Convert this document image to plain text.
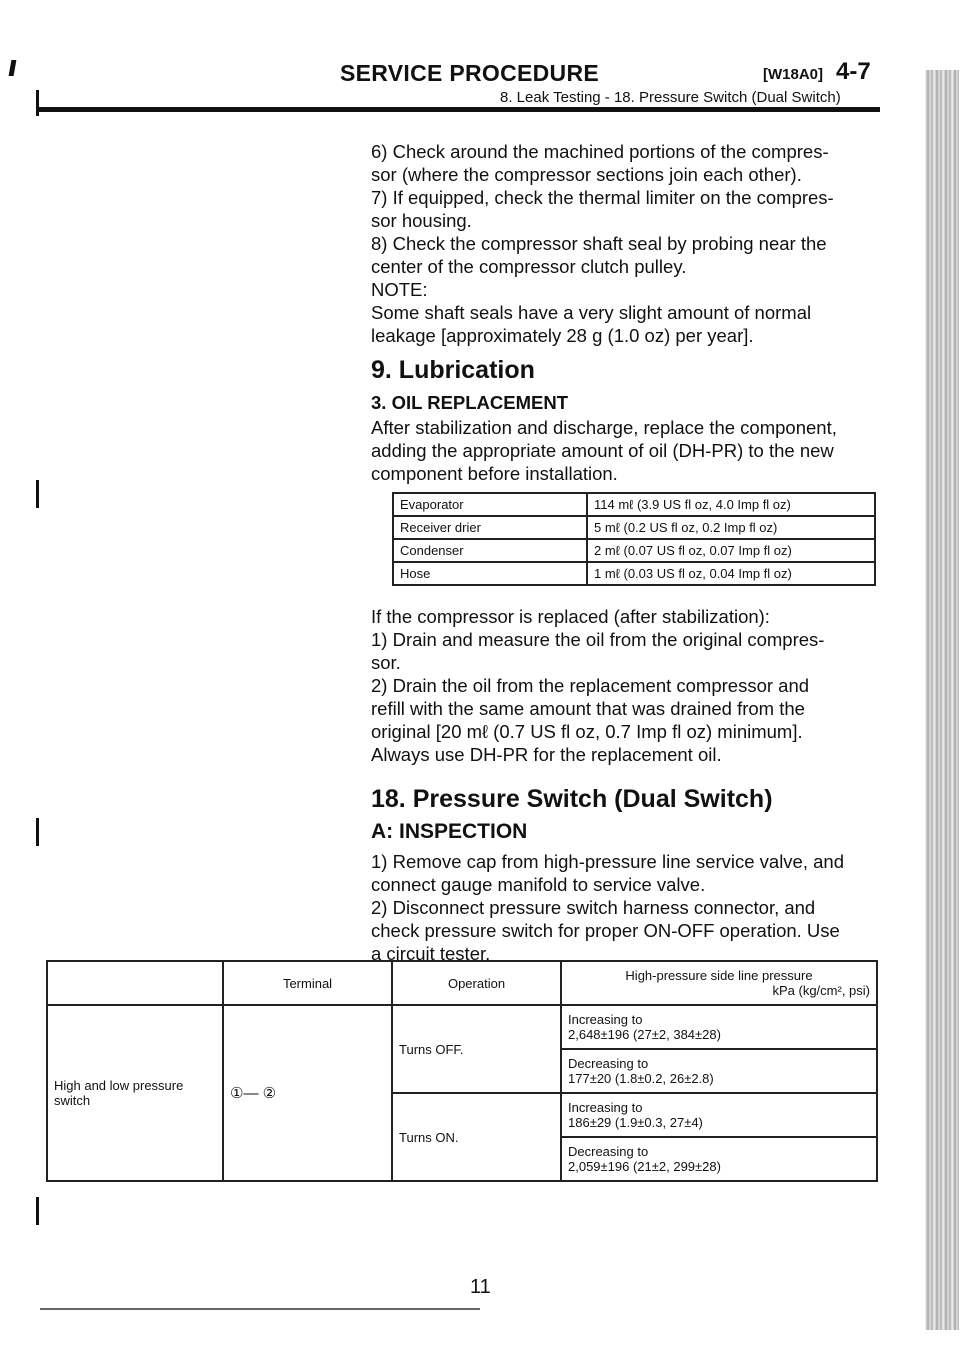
SERVICE PROCEDURE	[W18A0] 4-7
8. Leak Testing - 18. Pressure Switch (Dual Switch)
6) Check around the machined portions of the compres-
sor (where the compressor sections join each other).
7) If equipped, check the thermal limiter on the compres-
sor housing.
8) Check the compressor shaft seal by probing near the
center of the compressor clutch pulley.
NOTE:
Some shaft seals have a very slight amount of normal
leakage [approximately 28 g (1.0 oz) per year].
9. Lubrication
3. OIL REPLACEMENT
After stabilization and discharge, replace the component,
adding the appropriate amount of oil (DH-PR) to the new
component before installation.
Evaporator	114 mℓ (3.9 US fl oz, 4.0 Imp fl oz)
Receiver drier	5 mℓ (0.2 US fl oz, 0.2 Imp fl oz)
Condenser	2 mℓ (0.07 US fl oz, 0.07 Imp fl oz)
Hose	1 mℓ (0.03 US fl oz, 0.04 Imp fl oz)
If the compressor is replaced (after stabilization):
1) Drain and measure the oil from the original compres-
sor.
2) Drain the oil from the replacement compressor and
refill with the same amount that was drained from the
original [20 mℓ (0.7 US fl oz, 0.7 Imp fl oz) minimum].
Always use DH-PR for the replacement oil.
18. Pressure Switch (Dual Switch)
A: INSPECTION
1) Remove cap from high-pressure line service valve, and
connect gauge manifold to service valve.
2) Disconnect pressure switch harness connector, and
check pressure switch for proper ON-OFF operation. Use
a circuit tester.
	Terminal	Operation	High-pressure side line pressure
kPa (kg/cm², psi)

High and low pressure switch	①— ②	Turns OFF.	Increasing to
2,648±196 (27±2, 384±28)

			Decreasing to
177±20 (1.8±0.2, 26±2.8)

		Turns ON.	Increasing to
186±29 (1.9±0.3, 27±4)

			Decreasing to
2,059±196 (21±2, 299±28)
11
